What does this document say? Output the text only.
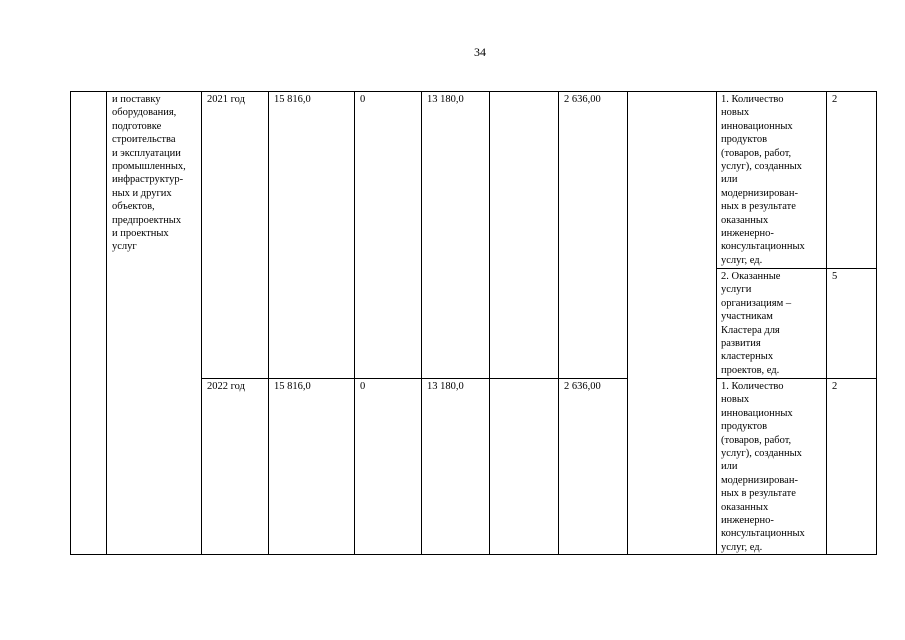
34
и поставку
оборудования,
подготовке
строительства
и эксплуатации
промышленных,
инфраструктур-
ных и других
объектов,
предпроектных
и проектных
услуг
2021 год	15 816,0	0	13 180,0	2 636,00	1. Количество
новых
инновационных
продуктов
(товаров, работ,
услуг), созданных
или
модернизирован-
ных в результате
оказанных
инженерно-
консультационных
услуг, ед.
2
2. Оказанные
услуги
организациям –
участникам
Кластера для
развития
кластерных
проектов, ед.
5
2022 год	15 816,0	0	13 180,0	2 636,00	1. Количество
новых
инновационных
продуктов
(товаров, работ,
услуг), созданных
или
модернизирован-
ных в результате
оказанных
инженерно-
консультационных
услуг, ед.
2
